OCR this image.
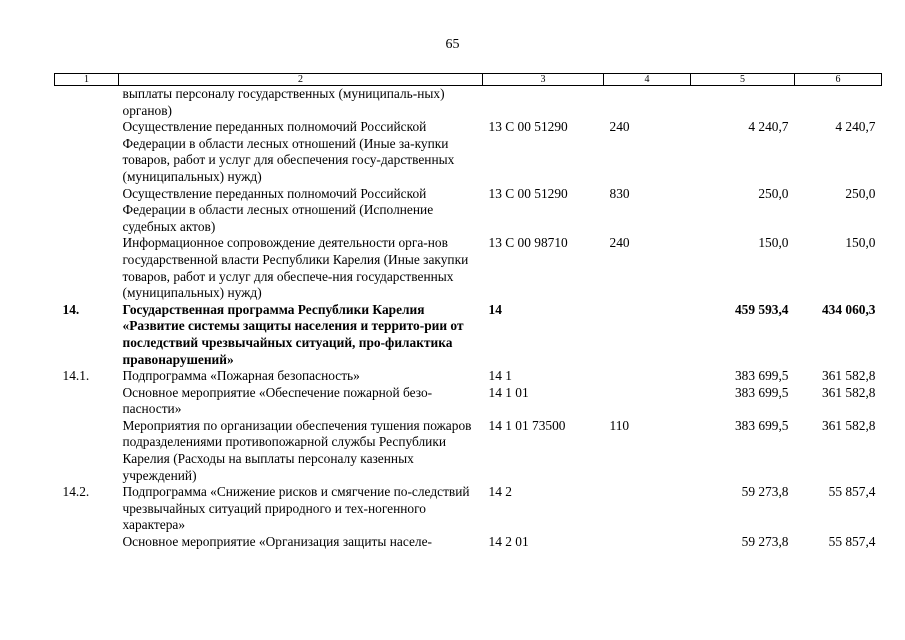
65
1	2	3	4	5	6
	выплаты персоналу государственных (муниципаль-ных) органов)				
	Осуществление переданных полномочий Российской Федерации в области лесных отношений (Иные за-купки товаров, работ и услуг для обеспечения госу-дарственных (муниципальных) нужд)	13 С 00 51290	240	4 240,7	4 240,7
	Осуществление переданных полномочий Российской Федерации в области лесных отношений (Исполнение судебных актов)	13 С 00 51290	830	250,0	250,0
	Информационное сопровождение деятельности орга-нов государственной власти Республики Карелия (Иные закупки товаров, работ и услуг для обеспече-ния государственных (муниципальных) нужд)	13 С 00 98710	240	150,0	150,0
14.	Государственная программа Республики Карелия «Развитие системы защиты населения и террито-рии от последствий чрезвычайных ситуаций, про-филактика правонарушений»	14		459 593,4	434 060,3
14.1.	Подпрограмма «Пожарная безопасность»	14 1		383 699,5	361 582,8
	Основное мероприятие «Обеспечение пожарной безо-пасности»	14 1 01		383 699,5	361 582,8
	Мероприятия по организации обеспечения тушения пожаров подразделениями противопожарной службы Республики Карелия (Расходы на выплаты персоналу казенных учреждений)	14 1 01 73500	110	383 699,5	361 582,8
14.2.	Подпрограмма «Снижение рисков и смягчение по-следствий чрезвычайных ситуаций природного и тех-ногенного характера»	14 2		59 273,8	55 857,4
	Основное мероприятие «Организация защиты населе-	14 2 01		59 273,8	55 857,4
